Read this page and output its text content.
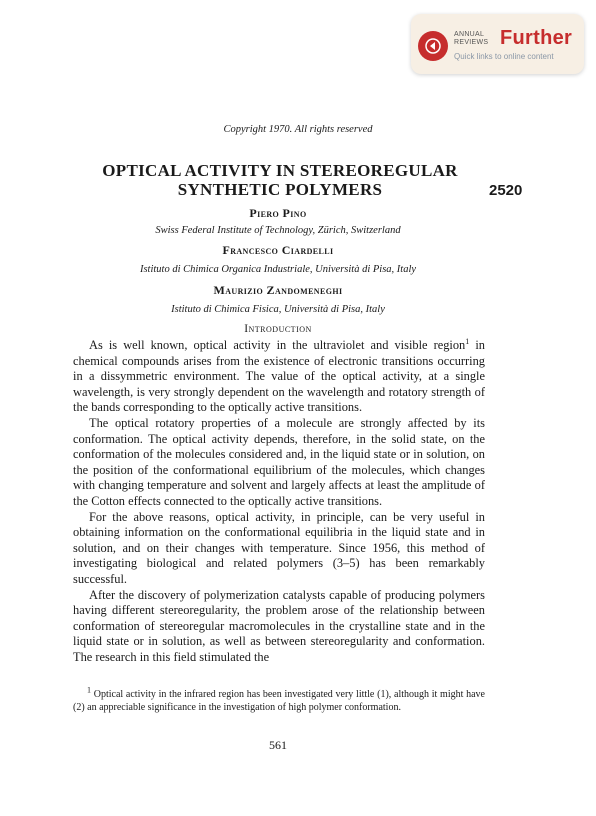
ANNUAL
REVIEWS Further
Quick links to online content
Copyright 1970. All rights reserved
OPTICAL ACTIVITY IN STEREOREGULAR
SYNTHETIC POLYMERS	2520
Piero Pino
Swiss Federal Institute of Technology, Zürich, Switzerland
Francesco Ciardelli
Istituto di Chimica Organica Industriale, Università di Pisa, Italy
Maurizio Zandomeneghi
Istituto di Chimica Fisica, Università di Pisa, Italy
Introduction

As is well known, optical activity in the ultraviolet and visible region$^1$ in chemical compounds arises from the existence of electronic transitions occurring in a dissymmetric environment. The value of the optical activity, at a single wavelength, is very strongly dependent on the wavelength and rotatory strength of the bands corresponding to the optically active transitions.

The optical rotatory properties of a molecule are strongly affected by its conformation. The optical activity depends, therefore, in the solid state, on the conformation of the molecules considered and, in the liquid state or in solution, on the position of the conformational equilibrium of the molecules, which changes with changing temperature and solvent and largely affects at least the amplitude of the Cotton effects connected to the optically active transitions.

For the above reasons, optical activity, in principle, can be very useful in obtaining information on the conformational equilibria in the liquid state and in solution, and on their changes with temperature. Since 1956, this method of investigating biological and related polymers (3–5) has been remarkably successful.

After the discovery of polymerization catalysts capable of producing polymers having different stereoregularity, the problem arose of the relationship between conformation of stereoregular macromolecules in the crystalline state and in the liquid state or in solution, as well as between stereoregularity and conformation. The research in this field stimulated the

$^1$ Optical activity in the infrared region has been investigated very little (1), although it might have (2) an appreciable significance in the investigation of high polymer conformation.

561
